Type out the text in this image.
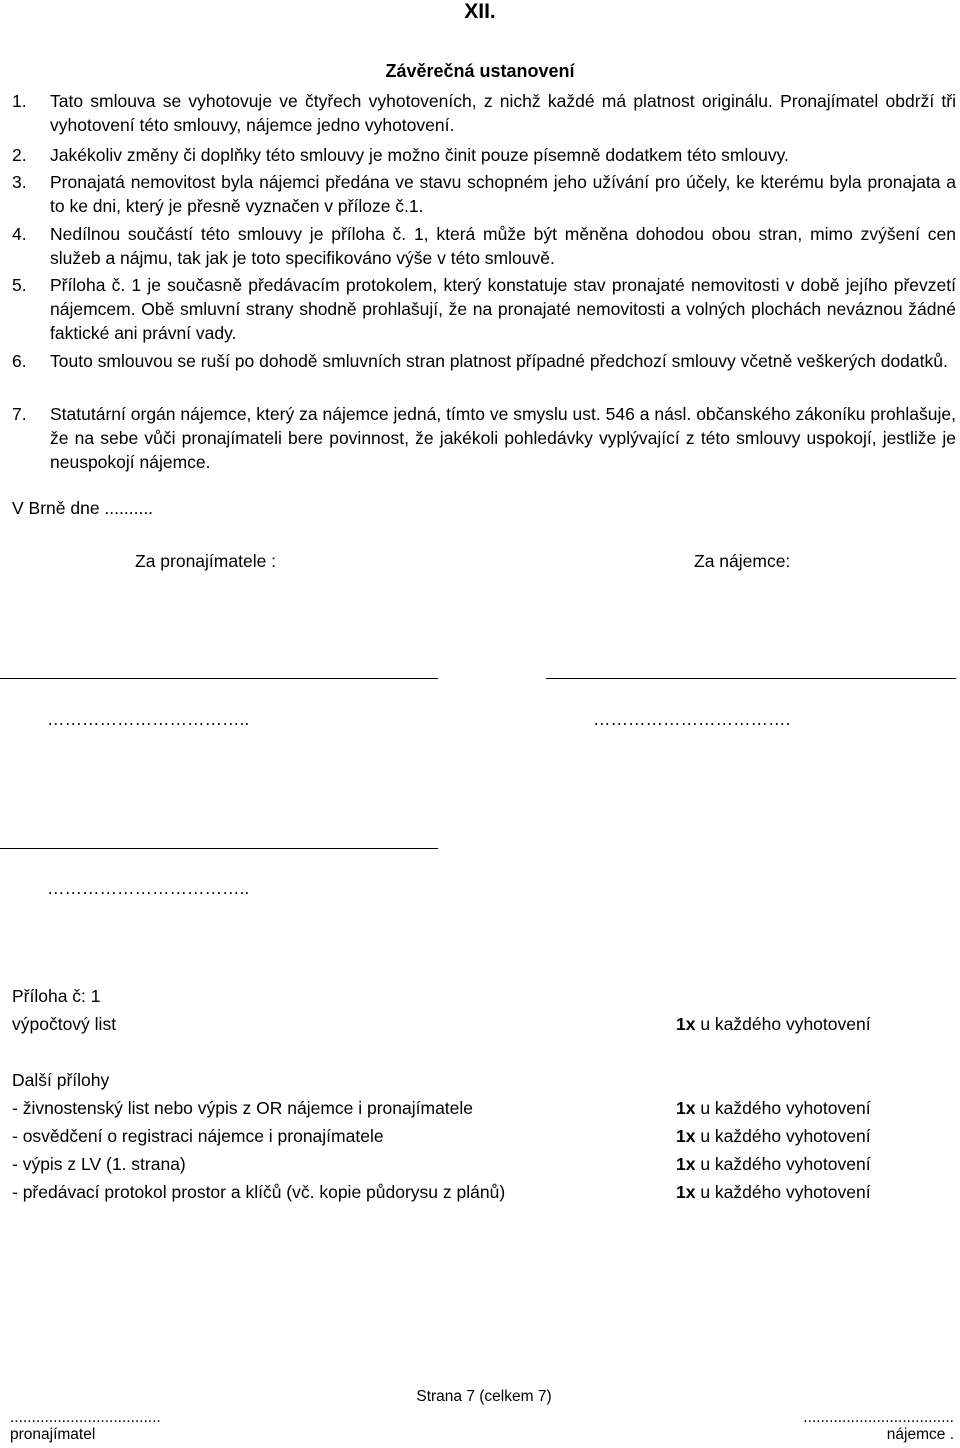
XII.
Závěrečná ustanovení
1. Tato smlouva se vyhotovuje ve čtyřech vyhotoveních, z nichž každé má platnost originálu. Pronajímatel obdrží tři vyhotovení této smlouvy, nájemce jedno vyhotovení.
2. Jakékoliv změny či doplňky této smlouvy je možno činit pouze písemně dodatkem této smlouvy.
3. Pronajatá nemovitost byla nájemci předána ve stavu schopném jeho užívání pro účely, ke kterému byla pronajata a to ke dni, který je přesně vyznačen v příloze č.1.
4. Nedílnou součástí této smlouvy je příloha č. 1, která může být měněna dohodou obou stran, mimo zvýšení cen služeb a nájmu, tak jak je toto specifikováno výše v této smlouvě.
5. Příloha č. 1 je současně předávacím protokolem, který konstatuje stav pronajaté nemovitosti v době jejího převzetí nájemcem. Obě smluvní strany shodně prohlašují, že na pronajaté nemovitosti a volných plochách neváznou žádné faktické ani právní vady.
6. Touto smlouvou se ruší po dohodě smluvních stran platnost případné předchozí smlouvy včetně veškerých dodatků.
7. Statutární orgán nájemce, který za nájemce jedná, tímto ve smyslu ust. 546 a násl. občanského zákoníku prohlašuje, že na sebe vůči pronajímateli bere povinnost, že jakékoli pohledávky vyplývající z této smlouvy uspokojí, jestliže je neuspokojí nájemce.
V Brně dne ..........
Za pronajímatele :	Za nájemce:
……………………………..	…………………………….
……………………………..
Příloha č: 1
výpočtový list	1x u každého vyhotovení
Další přílohy
- živnostenský list nebo výpis z OR nájemce i pronajímatele	1x u každého vyhotovení
- osvědčení o registraci nájemce i pronajímatele	1x u každého vyhotovení
- výpis z LV (1. strana)	1x u každého vyhotovení
- předávací protokol prostor a klíčů (vč. kopie půdorysu z plánů)	1x u každého vyhotovení
Strana 7 (celkem 7)
...................................
pronajímatel
...................................
nájemce .
